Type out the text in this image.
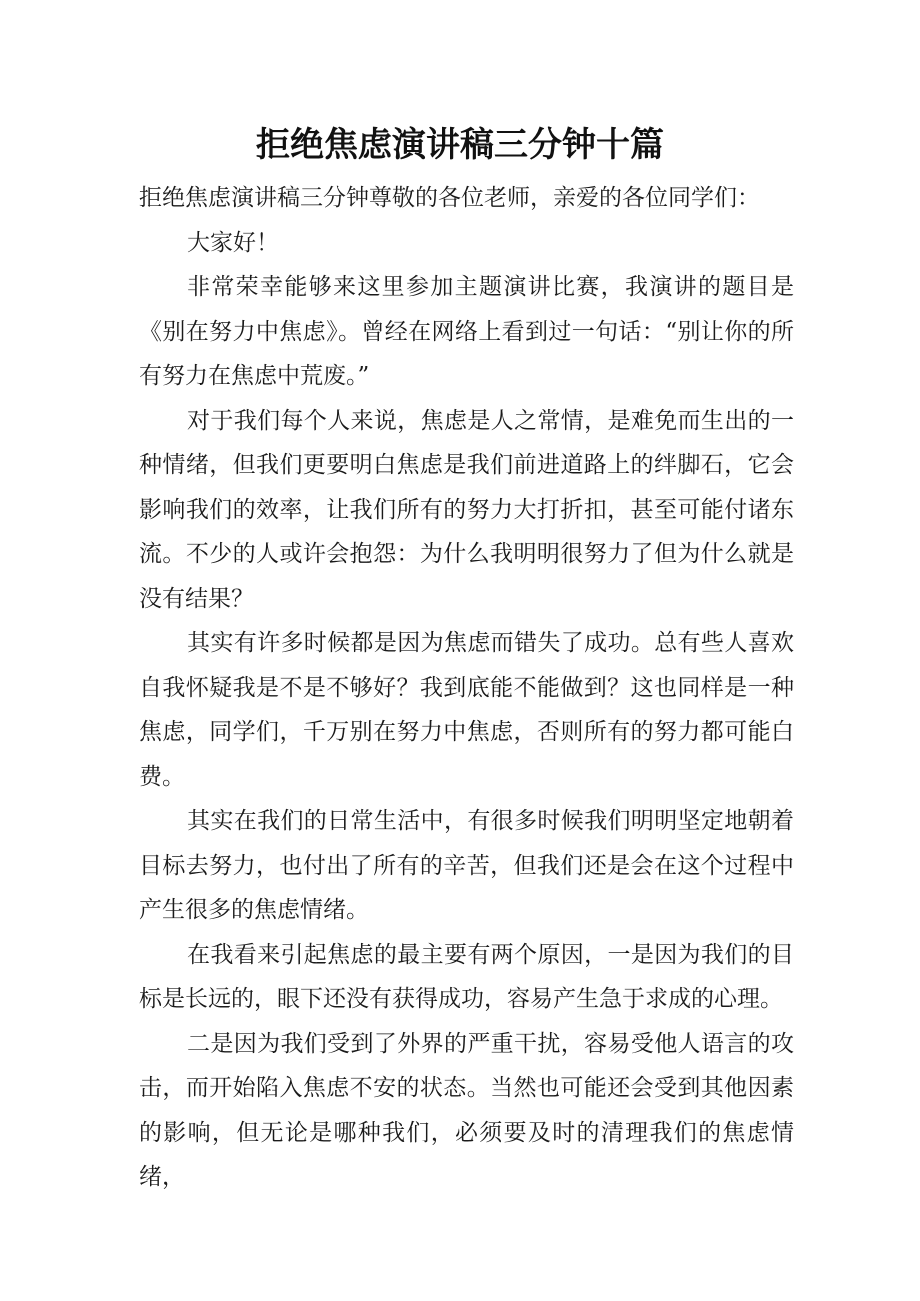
拒绝焦虑演讲稿三分钟十篇

拒绝焦虑演讲稿三分钟尊敬的各位老师，亲爱的各位同学们：

大家好！

非常荣幸能够来这里参加主题演讲比赛，我演讲的题目是《别在努力中焦虑》。曾经在网络上看到过一句话：“别让你的所有努力在焦虑中荒废。”

对于我们每个人来说，焦虑是人之常情，是难免而生出的一种情绪，但我们更要明白焦虑是我们前进道路上的绊脚石，它会影响我们的效率，让我们所有的努力大打折扣，甚至可能付诸东流。不少的人或许会抱怨：为什么我明明很努力了但为什么就是没有结果？

其实有许多时候都是因为焦虑而错失了成功。总有些人喜欢自我怀疑我是不是不够好？我到底能不能做到？这也同样是一种焦虑，同学们，千万别在努力中焦虑，否则所有的努力都可能白费。

其实在我们的日常生活中，有很多时候我们明明坚定地朝着目标去努力，也付出了所有的辛苦，但我们还是会在这个过程中产生很多的焦虑情绪。

在我看来引起焦虑的最主要有两个原因，一是因为我们的目标是长远的，眼下还没有获得成功，容易产生急于求成的心理。

二是因为我们受到了外界的严重干扰，容易受他人语言的攻击，而开始陷入焦虑不安的状态。当然也可能还会受到其他因素的影响，但无论是哪种我们，必须要及时的清理我们的焦虑情绪，
